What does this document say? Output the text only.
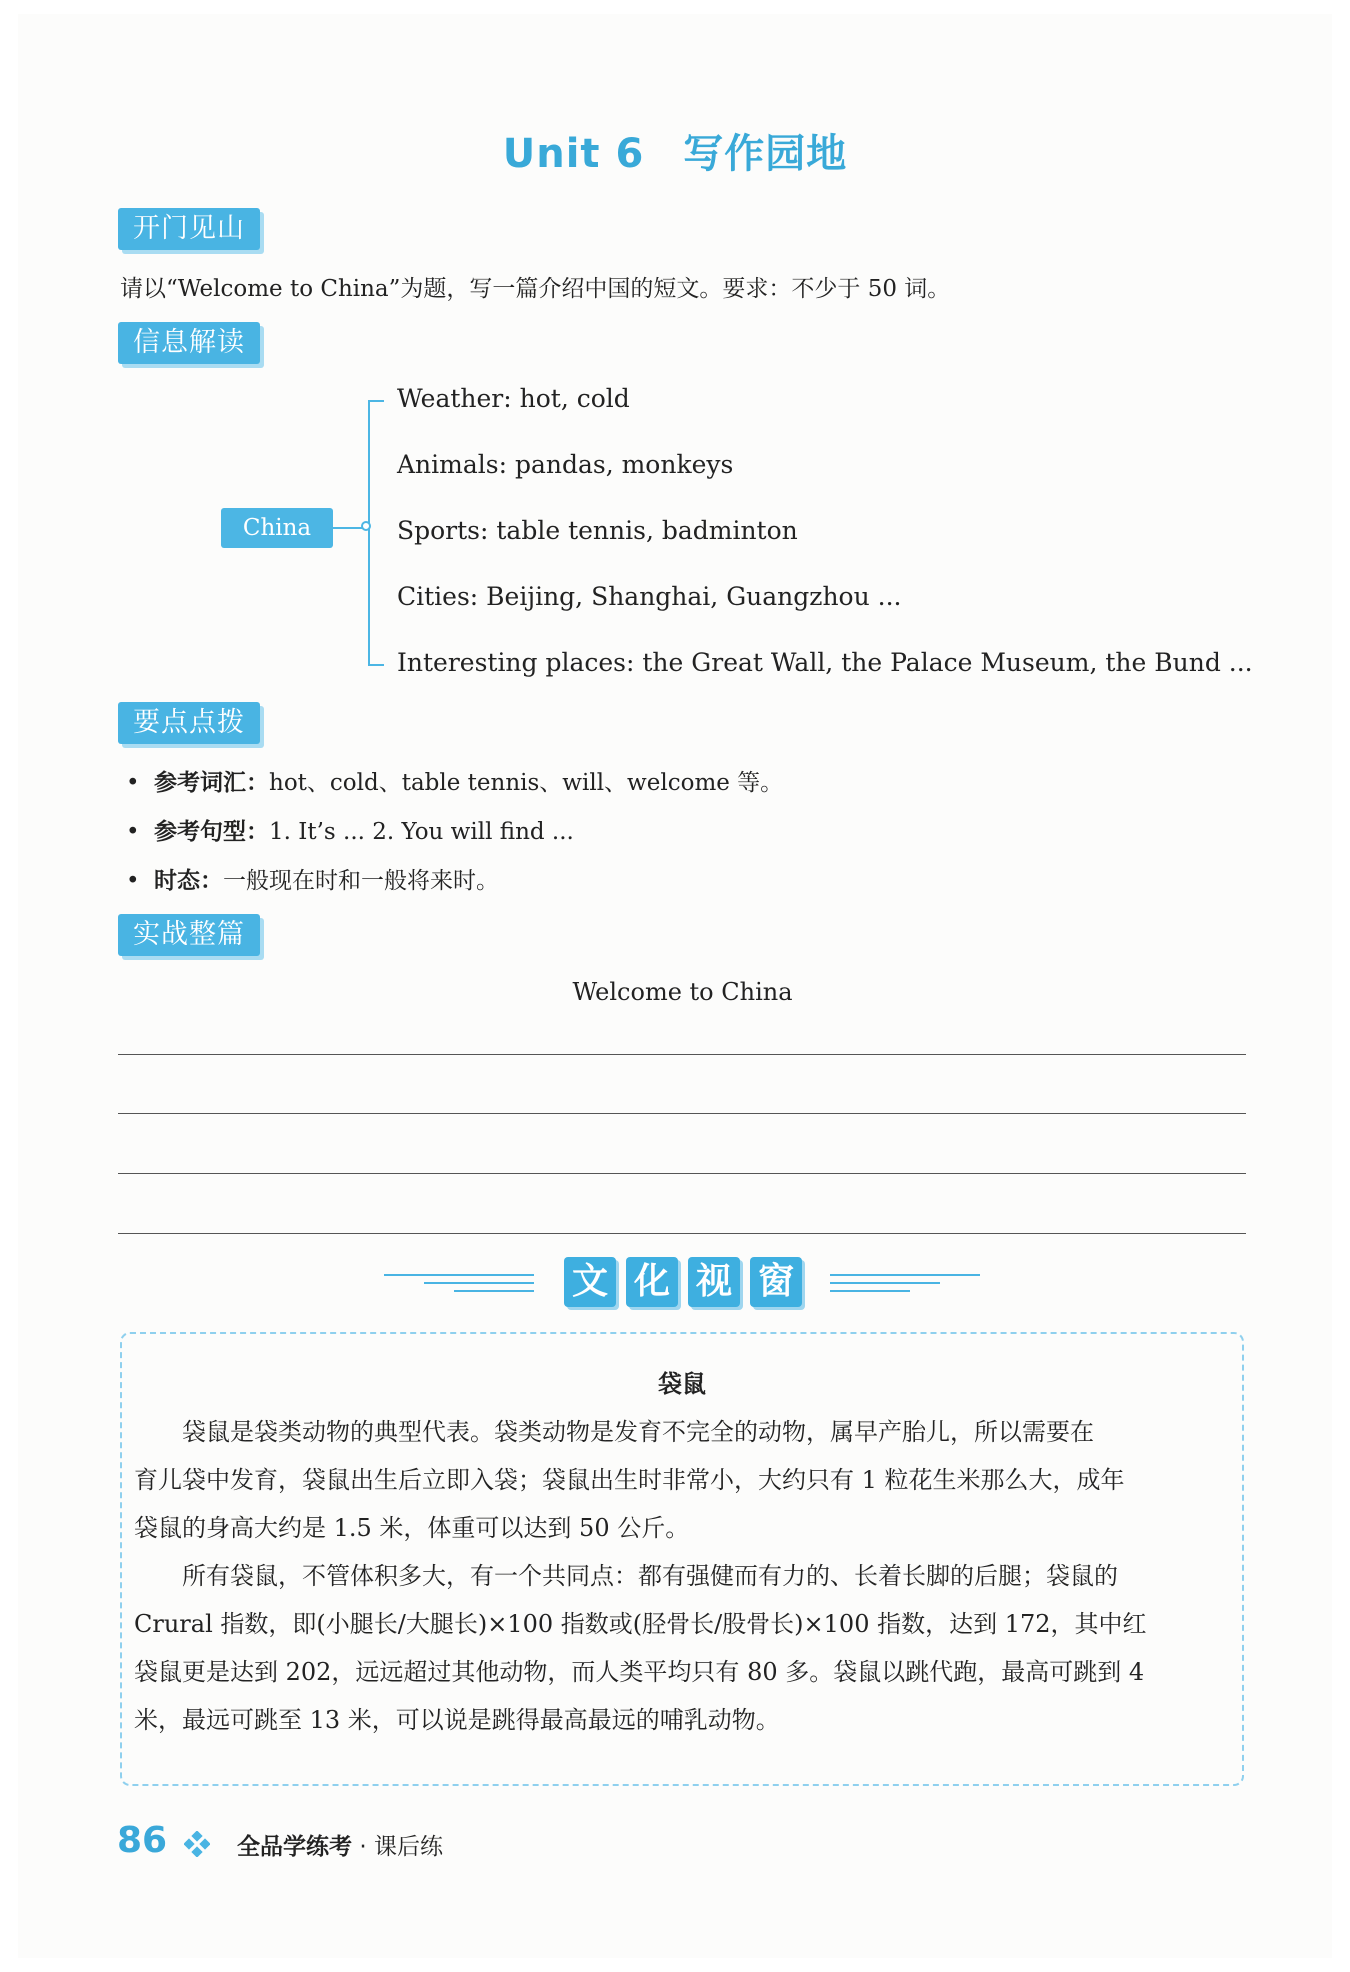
Unit 6 写作园地
开门见山
请以“Welcome to China”为题，写一篇介绍中国的短文。要求：不少于 50 词。
信息解读
China
Weather: hot, cold
Animals: pandas, monkeys
Sports: table tennis, badminton
Cities: Beijing, Shanghai, Guangzhou ...
Interesting places: the Great Wall, the Palace Museum, the Bund ...
要点点拨
• 参考词汇：hot、cold、table tennis、will、welcome 等。
• 参考句型：1. It’s ... 2. You will find ...
• 时态：一般现在时和一般将来时。
实战整篇
Welcome to China
文 化 视 窗
袋鼠
　　袋鼠是袋类动物的典型代表。袋类动物是发育不完全的动物，属早产胎儿，所以需要在
育儿袋中发育，袋鼠出生后立即入袋；袋鼠出生时非常小，大约只有 1 粒花生米那么大，成年
袋鼠的身高大约是 1.5 米，体重可以达到 50 公斤。
　　所有袋鼠，不管体积多大，有一个共同点：都有强健而有力的、长着长脚的后腿；袋鼠的
Crural 指数，即(小腿长/大腿长)×100 指数或(胫骨长/股骨长)×100 指数，达到 172，其中红
袋鼠更是达到 202，远远超过其他动物，而人类平均只有 80 多。袋鼠以跳代跑，最高可跳到 4
米，最远可跳至 13 米，可以说是跳得最高最远的哺乳动物。
86	全品学练考 · 课后练
